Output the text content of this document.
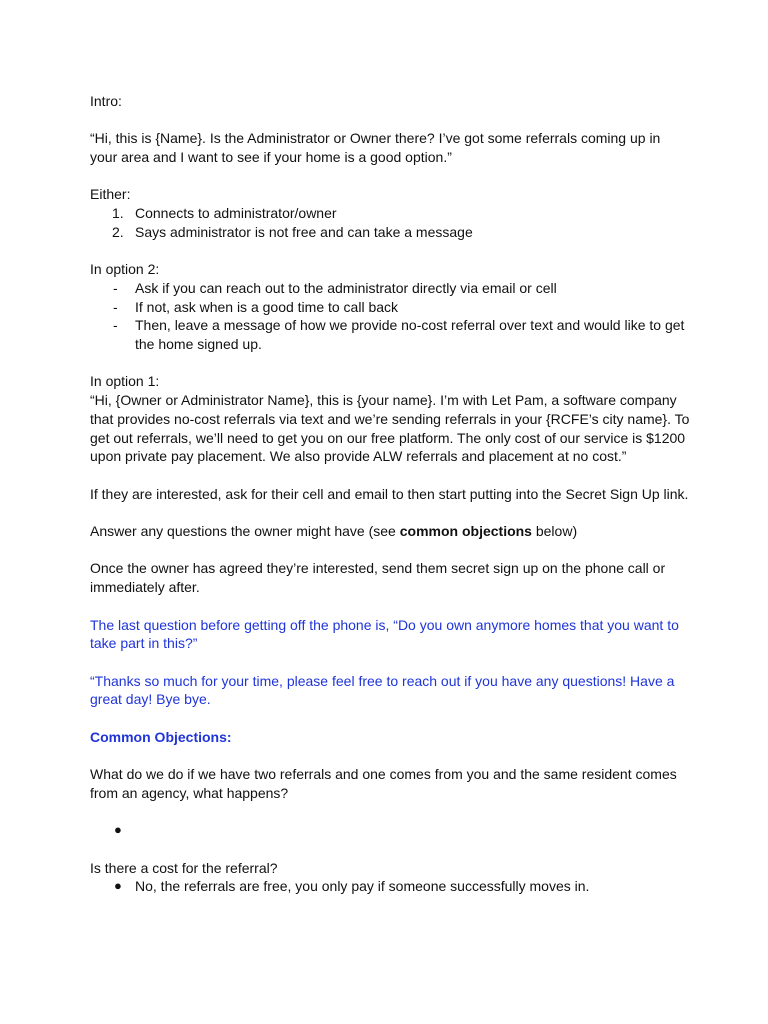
Intro:

“Hi, this is {Name}. Is the Administrator or Owner there? I’ve got some referrals coming up in your area and I want to see if your home is a good option.”

Either:

1. Connects to administrator/owner
2. Says administrator is not free and can take a message

In option 2:

- Ask if you can reach out to the administrator directly via email or cell
- If not, ask when is a good time to call back
- Then, leave a message of how we provide no-cost referral over text and would like to get the home signed up.

In option 1:

“Hi, {Owner or Administrator Name}, this is {your name}. I’m with Let Pam, a software company that provides no-cost referrals via text and we’re sending referrals in your {RCFE’s city name}. To get out referrals, we’ll need to get you on our free platform. The only cost of our service is $1200 upon private pay placement. We also provide ALW referrals and placement at no cost.”

If they are interested, ask for their cell and email to then start putting into the Secret Sign Up link.

Answer any questions the owner might have (see common objections below)

Once the owner has agreed they’re interested, send them secret sign up on the phone call or immediately after.

The last question before getting off the phone is, “Do you own anymore homes that you want to take part in this?”

“Thanks so much for your time, please feel free to reach out if you have any questions! Have a great day! Bye bye.

Common Objections:

What do we do if we have two referrals and one comes from you and the same resident comes from an agency, what happens?

●

Is there a cost for the referral?

● No, the referrals are free, you only pay if someone successfully moves in.
